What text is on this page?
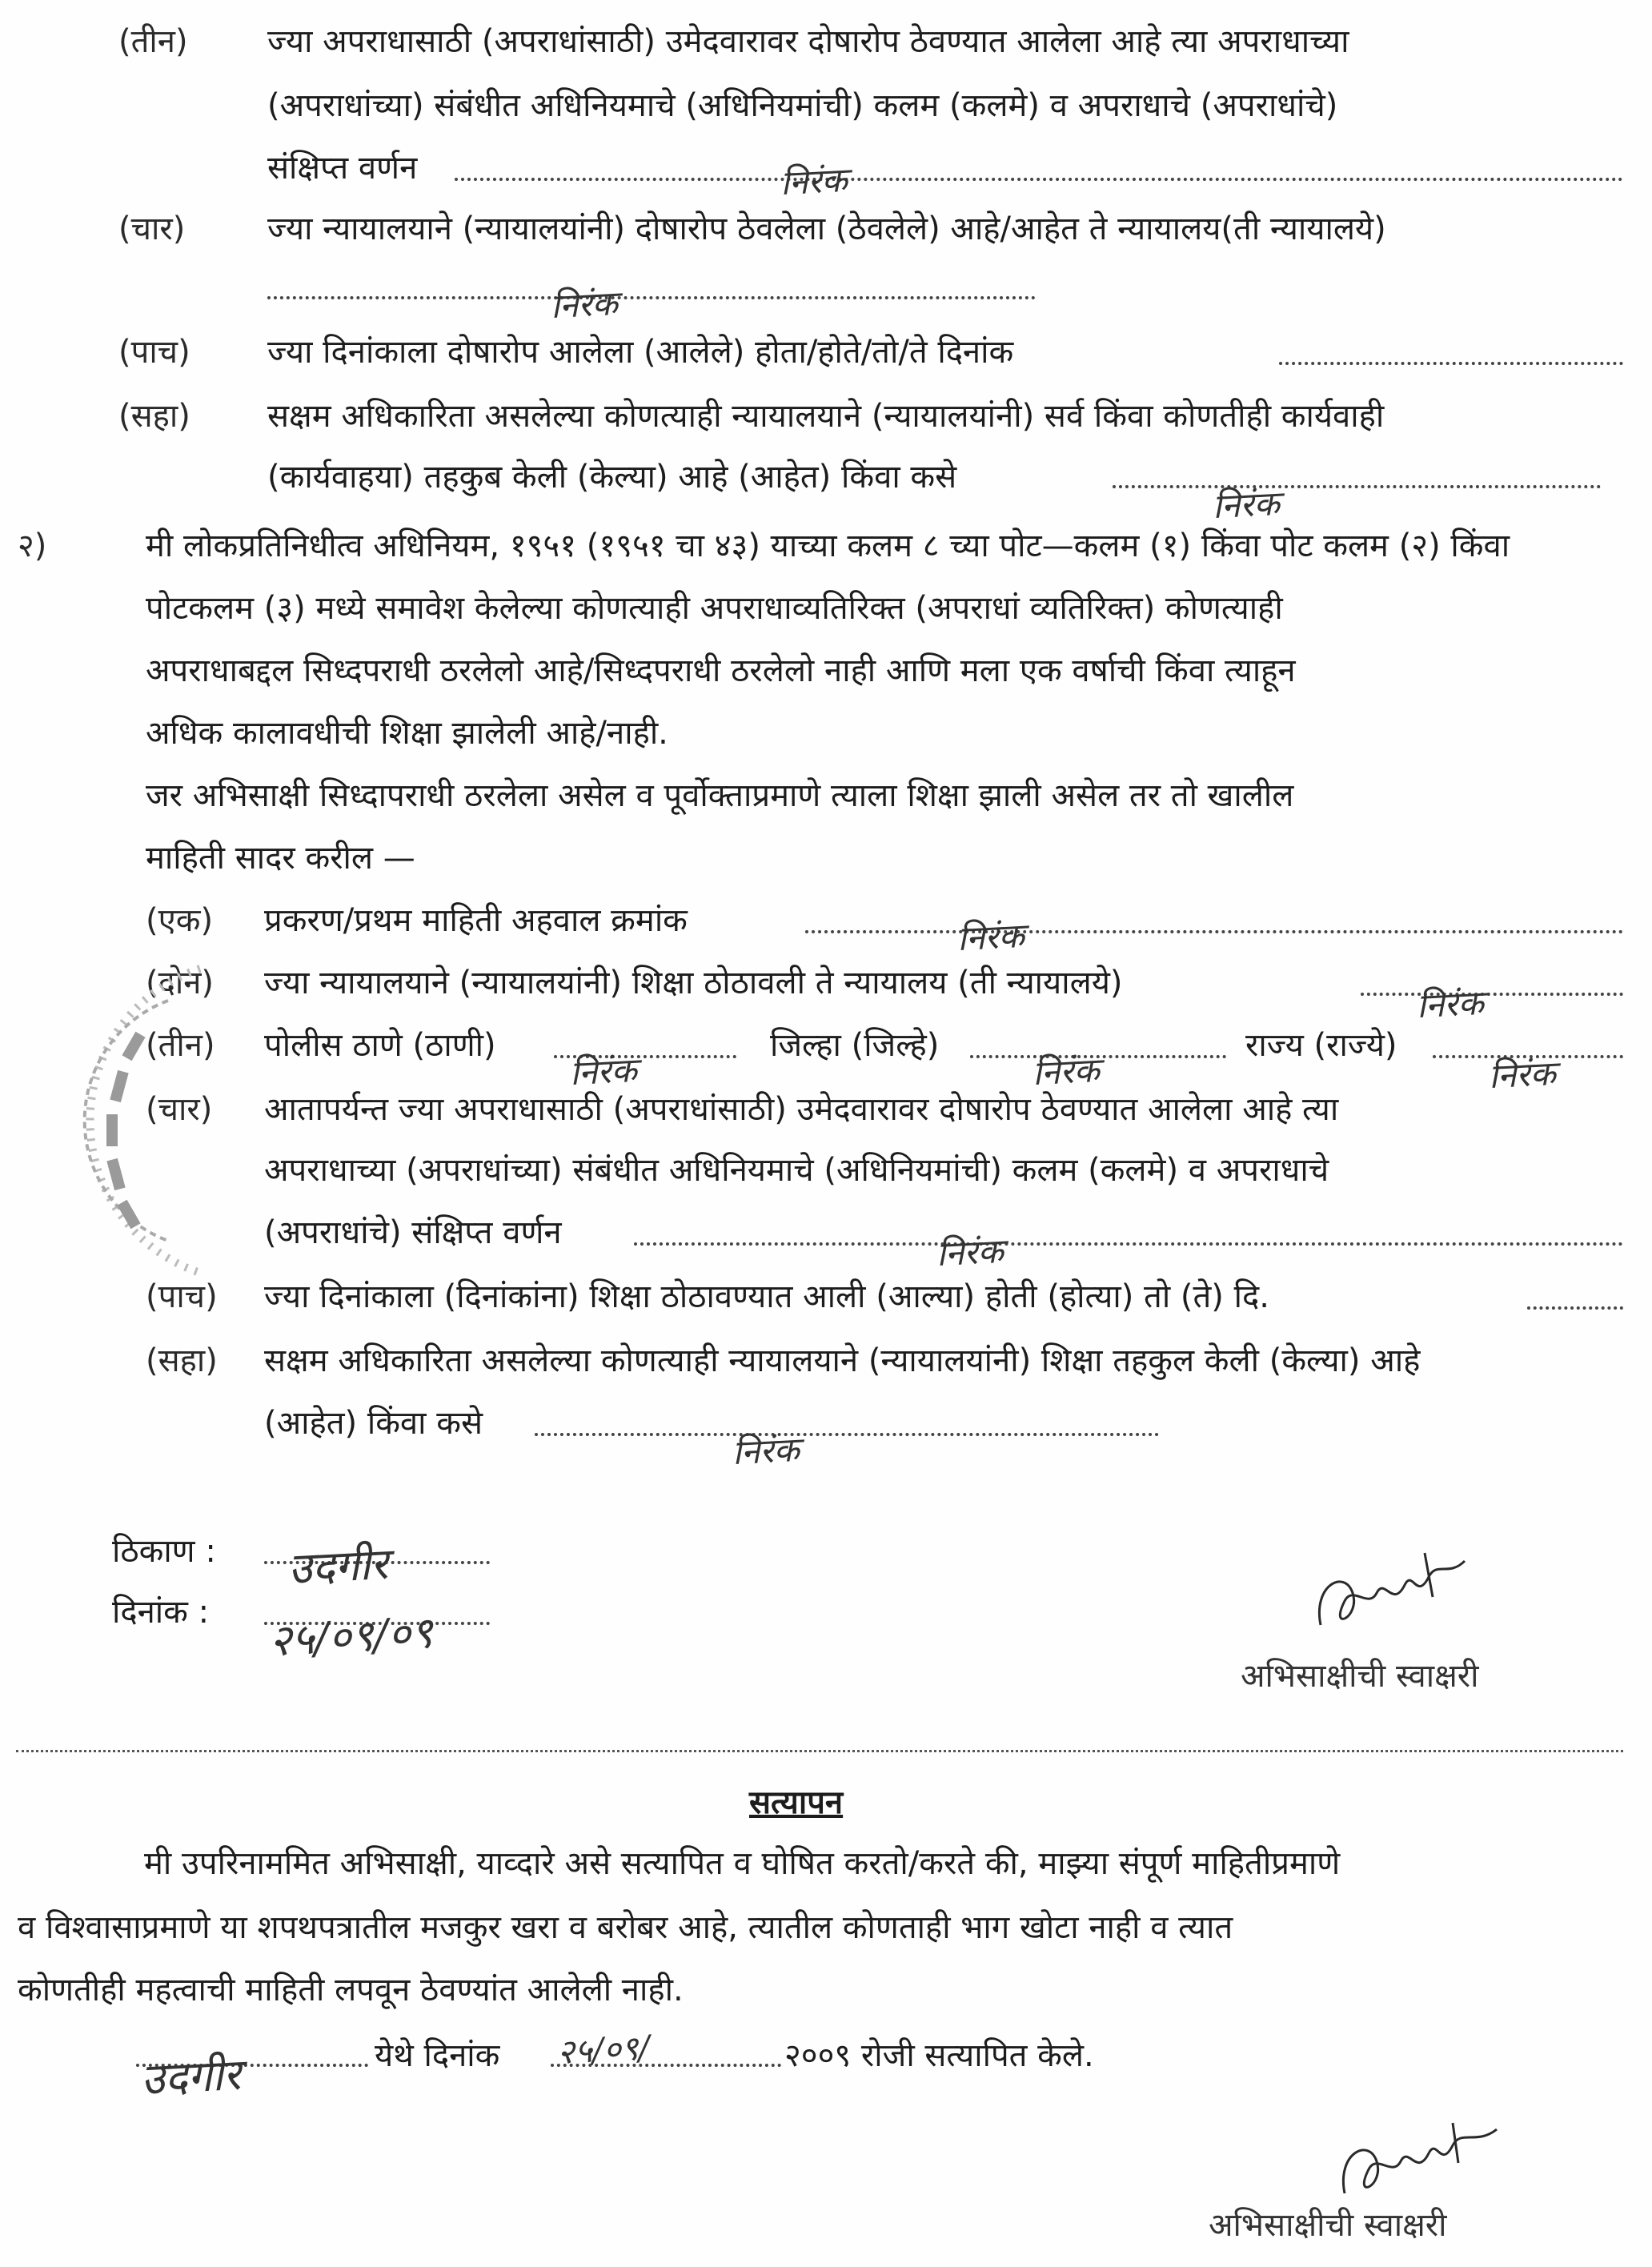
(तीन) ज्या अपराधासाठी (अपराधांसाठी) उमेदवारावर दोषारोप ठेवण्यात आलेला आहे त्या अपराधाच्या
(अपराधांच्या) संबंधीत अधिनियमाचे (अधिनियमांची) कलम (कलमे) व अपराधाचे (अपराधांचे)
संक्षिप्त वर्णन	निरंक
(चार)	ज्या न्यायालयाने (न्यायालयांनी) दोषारोप ठेवलेला (ठेवलेले) आहे/आहेत ते न्यायालय(ती न्यायालये)
निरंक
(पाच) ज्या दिनांकाला दोषारोप आलेला (आलेले) होता/होते/तो/ते दिनांक
(सहा) सक्षम अधिकारिता असलेल्या कोणत्याही न्यायालयाने (न्यायालयांनी) सर्व किंवा कोणतीही कार्यवाही
(कार्यवाहया) तहकुब केली (केल्या) आहे (आहेत) किंवा कसे
निरंक
२)	मी लोकप्रतिनिधीत्व अधिनियम, १९५१ (१९५१ चा ४३) याच्या कलम ८ च्या पोट—कलम (१) किंवा पोट कलम (२) किंवा
पोटकलम (३) मध्ये समावेश केलेल्या कोणत्याही अपराधाव्यतिरिक्त (अपराधां व्यतिरिक्त) कोणत्याही
अपराधाबद्दल सिध्दपराधी ठरलेलो आहे/सिध्दपराधी ठरलेलो नाही आणि मला एक वर्षाची किंवा त्याहून
अधिक कालावधीची शिक्षा झालेली आहे/नाही.
जर अभिसाक्षी सिध्दापराधी ठरलेला असेल व पूर्वोक्ताप्रमाणे त्याला शिक्षा झाली असेल तर तो खालील
माहिती सादर करील —
(एक) प्रकरण/प्रथम माहिती अहवाल क्रमांक	निरंक
(दोन) ज्या न्यायालयाने (न्यायालयांनी) शिक्षा ठोठावली ते न्यायालय (ती न्यायालये)	निरंक
(तीन) पोलीस ठाणे (ठाणी)
निरंक
जिल्हा (जिल्हे)
निरंक
राज्य (राज्ये)
निरंक
(चार) आतापर्यन्त ज्या अपराधासाठी (अपराधांसाठी) उमेदवारावर दोषारोप ठेवण्यात आलेला आहे त्या
अपराधाच्या (अपराधांच्या) संबंधीत अधिनियमाचे (अधिनियमांची) कलम (कलमे) व अपराधाचे
(अपराधांचे) संक्षिप्त वर्णन	निरंक
(पाच) ज्या दिनांकाला (दिनांकांना) शिक्षा ठोठावण्यात आली (आल्या) होती (होत्या) तो (ते) दि.
(सहा) सक्षम अधिकारिता असलेल्या कोणत्याही न्यायालयाने (न्यायालयांनी) शिक्षा तहकुल केली (केल्या) आहे
(आहेत) किंवा कसे
निरंक
ठिकाण : उदगीर
दिनांक : २५/०९/०९
अभिसाक्षीची स्वाक्षरी
सत्यापन
मी उपरिनाममित अभिसाक्षी, याव्दारे असे सत्यापित व घोषित करतो/करते की, माझ्या संपूर्ण माहितीप्रमाणे
व विश्वासाप्रमाणे या शपथपत्रातील मजकुर खरा व बरोबर आहे, त्यातील कोणताही भाग खोटा नाही व त्यात
कोणतीही महत्वाची माहिती लपवून ठेवण्यांत आलेली नाही.
उदगीर	येथे दिनांक २५/०९/	२००९ रोजी सत्यापित केले.
अभिसाक्षीची स्वाक्षरी
